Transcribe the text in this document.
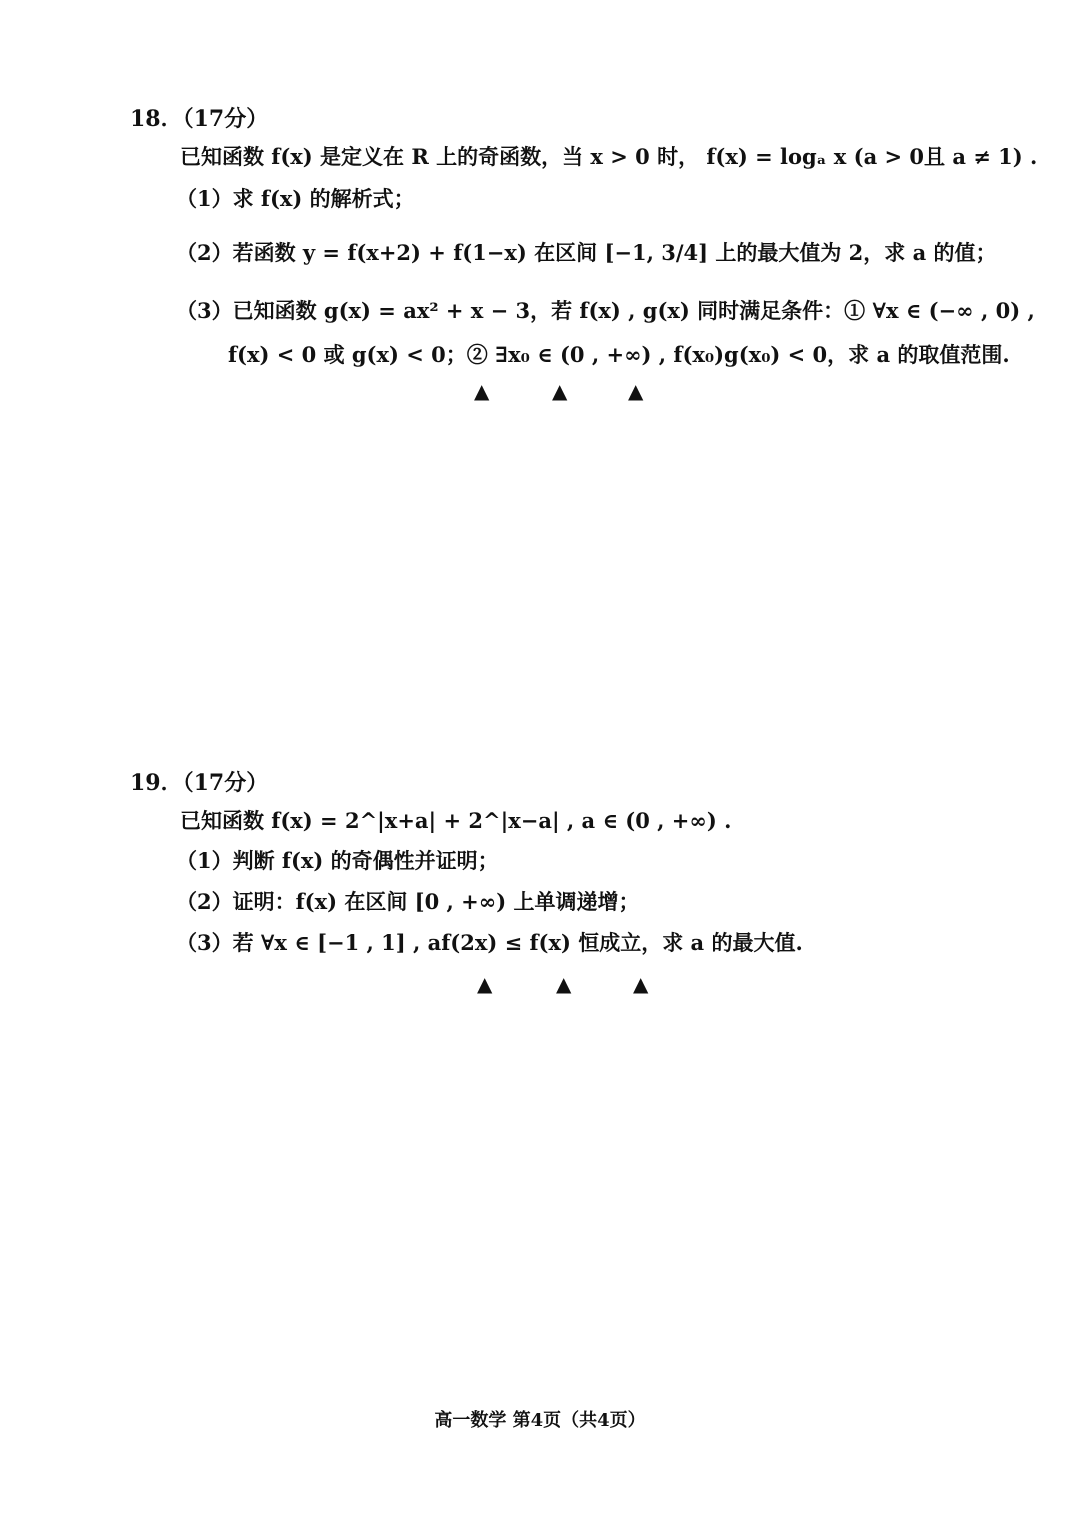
18．（17分）
已知函数 f(x) 是定义在 R 上的奇函数，当 x > 0 时， f(x) = logₐ x (a > 0且 a ≠ 1) .
（1）求 f(x) 的解析式；
（2）若函数 y = f(x+2) + f(1−x) 在区间 [−1, 3/4] 上的最大值为 2，求 a 的值；
（3）已知函数 g(x) = ax² + x − 3，若 f(x) , g(x) 同时满足条件：① ∀x ∈ (−∞ , 0) ,
f(x) < 0 或 g(x) < 0；② ∃x₀ ∈ (0 , +∞) , f(x₀)g(x₀) < 0，求 a 的取值范围.
▲	▲	▲
19．（17分）
已知函数 f(x) = 2^|x+a| + 2^|x−a| , a ∈ (0 , +∞) .
（1）判断 f(x) 的奇偶性并证明；
（2）证明：f(x) 在区间 [0 , +∞) 上单调递增；
（3）若 ∀x ∈ [−1 , 1] , af(2x) ≤ f(x) 恒成立，求 a 的最大值.
▲	▲	▲
高一数学 第4页（共4页）
